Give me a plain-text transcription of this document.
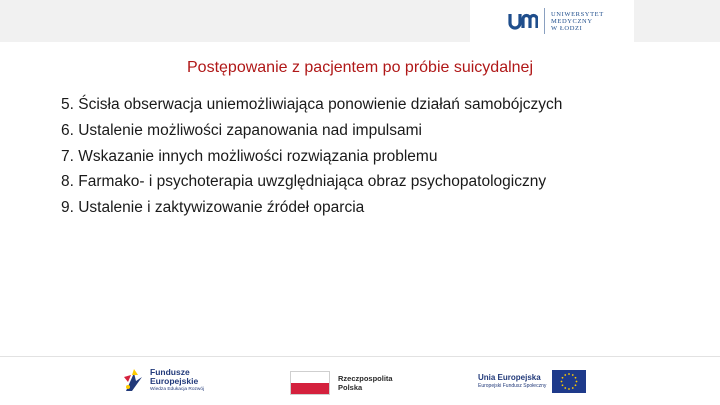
UNIWERSYTET
MEDYCZNY
W ŁODZI
Postępowanie z pacjentem po próbie suicydalnej
5. Ścisła obserwacja uniemożliwiająca ponowienie działań samobójczych
6. Ustalenie możliwości zapanowania nad impulsami
7. Wskazanie innych możliwości rozwiązania problemu
8. Farmako- i psychoterapia uwzględniająca obraz psychopatologiczny
9. Ustalenie i zaktywizowanie źródeł oparcia
Fundusze
Europejskie
Wiedza Edukacja Rozwój
Rzeczpospolita
Polska
Unia Europejska
Europejski Fundusz Społeczny
